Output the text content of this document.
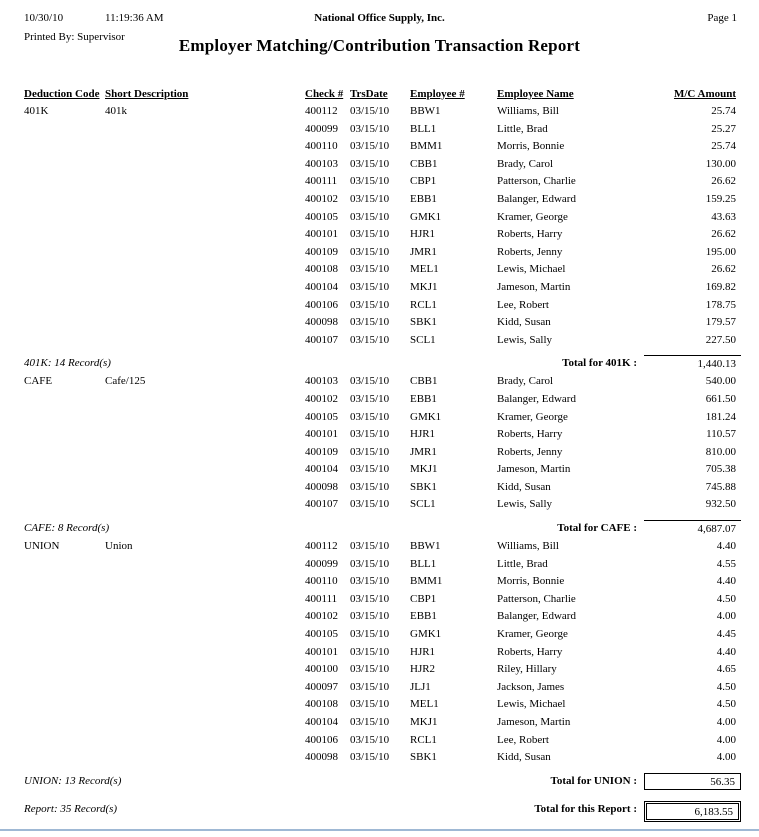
10/30/10	11:19:36 AM	National Office Supply, Inc.	Page 1
Printed By: Supervisor	Employer Matching/Contribution Transaction Report
Deduction Code Short Description	Check # TrsDate Employee #	Employee Name	M/C Amount
401K	401k	400112 03/15/10 BBW1	Williams, Bill	25.74
400099 03/15/10 BLL1	Little, Brad	25.27
400110 03/15/10 BMM1	Morris, Bonnie	25.74
400103 03/15/10 CBB1	Brady, Carol	130.00
400111 03/15/10 CBP1	Patterson, Charlie	26.62
400102 03/15/10 EBB1	Balanger, Edward	159.25
400105 03/15/10 GMK1	Kramer, George	43.63
400101 03/15/10 HJR1	Roberts, Harry	26.62
400109 03/15/10 JMR1	Roberts, Jenny	195.00
400108 03/15/10 MEL1	Lewis, Michael	26.62
400104 03/15/10 MKJ1	Jameson, Martin	169.82
400106 03/15/10 RCL1	Lee, Robert	178.75
400098 03/15/10 SBK1	Kidd, Susan	179.57
400107 03/15/10 SCL1	Lewis, Sally	227.50
401K: 14 Record(s)	Total for 401K :	1,440.13
CAFE	Cafe/125	400103 03/15/10 CBB1	Brady, Carol	540.00
400102 03/15/10 EBB1	Balanger, Edward	661.50
400105 03/15/10 GMK1	Kramer, George	181.24
400101 03/15/10 HJR1	Roberts, Harry	110.57
400109 03/15/10 JMR1	Roberts, Jenny	810.00
400104 03/15/10 MKJ1	Jameson, Martin	705.38
400098 03/15/10 SBK1	Kidd, Susan	745.88
400107 03/15/10 SCL1	Lewis, Sally	932.50
CAFE: 8 Record(s)	Total for CAFE :	4,687.07
UNION	Union	400112 03/15/10 BBW1	Williams, Bill	4.40
400099 03/15/10 BLL1	Little, Brad	4.55
400110 03/15/10 BMM1	Morris, Bonnie	4.40
400111 03/15/10 CBP1	Patterson, Charlie	4.50
400102 03/15/10 EBB1	Balanger, Edward	4.00
400105 03/15/10 GMK1	Kramer, George	4.45
400101 03/15/10 HJR1	Roberts, Harry	4.40
400100 03/15/10 HJR2	Riley, Hillary	4.65
400097 03/15/10 JLJ1	Jackson, James	4.50
400108 03/15/10 MEL1	Lewis, Michael	4.50
400104 03/15/10 MKJ1	Jameson, Martin	4.00
400106 03/15/10 RCL1	Lee, Robert	4.00
400098 03/15/10 SBK1	Kidd, Susan	4.00
UNION: 13 Record(s)	Total for UNION :	56.35
Report: 35 Record(s)	Total for this Report :	6,183.55
